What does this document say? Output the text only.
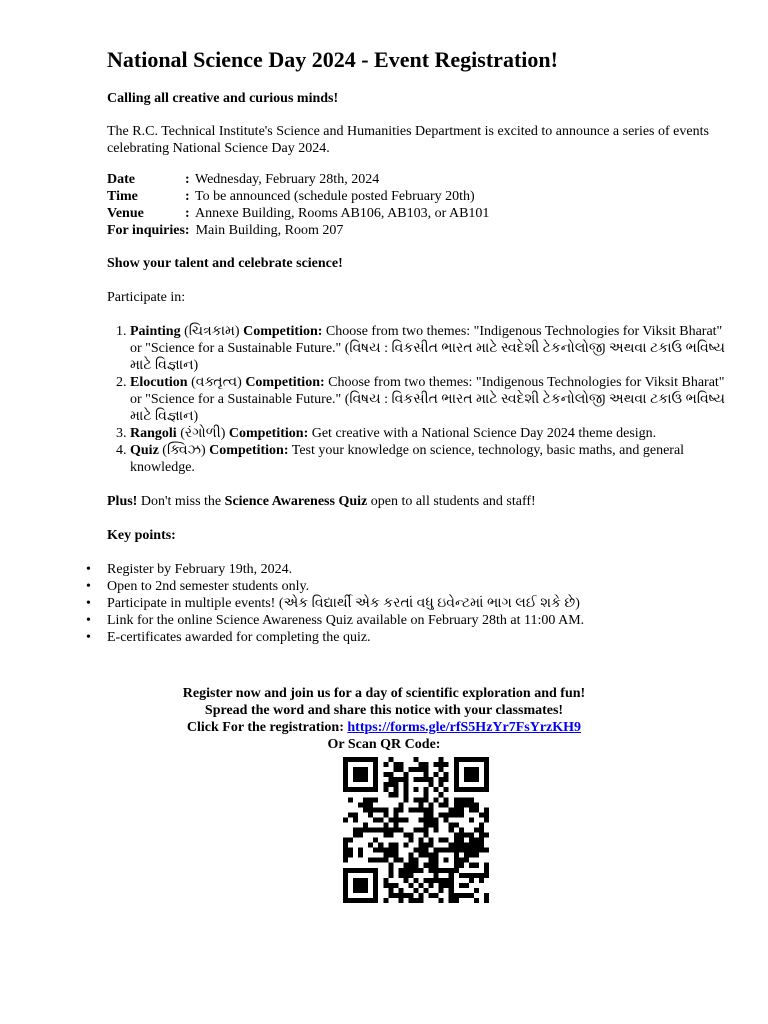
National Science Day 2024 - Event Registration!

Calling all creative and curious minds!

The R.C. Technical Institute's Science and Humanities Department is excited to announce a series of events celebrating National Science Day 2024.

Date	: Wednesday, February 28th, 2024
Time	: To be announced (schedule posted February 20th)
Venue	: Annexe Building, Rooms AB106, AB103, or AB101
For inquiries: Main Building, Room 207

Show your talent and celebrate science!

Participate in:

1. Painting (ચિત્રકામ) Competition: Choose from two themes: "Indigenous Technologies for Viksit Bharat" or "Science for a Sustainable Future." (વિષય : વિકસીત ભારત માટે સ્વદેશી ટેકનોલોજી અથવા ટકાઉ ભવિષ્ય માટે વિજ્ઞાન)
2. Elocution (વક્તૃત્વ) Competition: Choose from two themes: "Indigenous Technologies for Viksit Bharat" or "Science for a Sustainable Future." (વિષય : વિકસીત ભારત માટે સ્વદેશી ટેકનોલોજી અથવા ટકાઉ ભવિષ્ય માટે વિજ્ઞાન)
3. Rangoli (રંગોળી) Competition: Get creative with a National Science Day 2024 theme design.
4. Quiz (ક્વિઝ) Competition: Test your knowledge on science, technology, basic maths, and general knowledge.

Plus! Don't miss the Science Awareness Quiz open to all students and staff!

Key points:

• Register by February 19th, 2024.
• Open to 2nd semester students only.
• Participate in multiple events! (એક વિદ્યાર્થી એક કરતાં વધુ ઇવેન્ટમાં ભાગ લઈ શકે છે)
• Link for the online Science Awareness Quiz available on February 28th at 11:00 AM.
• E-certificates awarded for completing the quiz.
Register now and join us for a day of scientific exploration and fun!
Spread the word and share this notice with your classmates!
Click For the registration: https://forms.gle/rfS5HzYr7FsYrzKH9
Or Scan QR Code:
